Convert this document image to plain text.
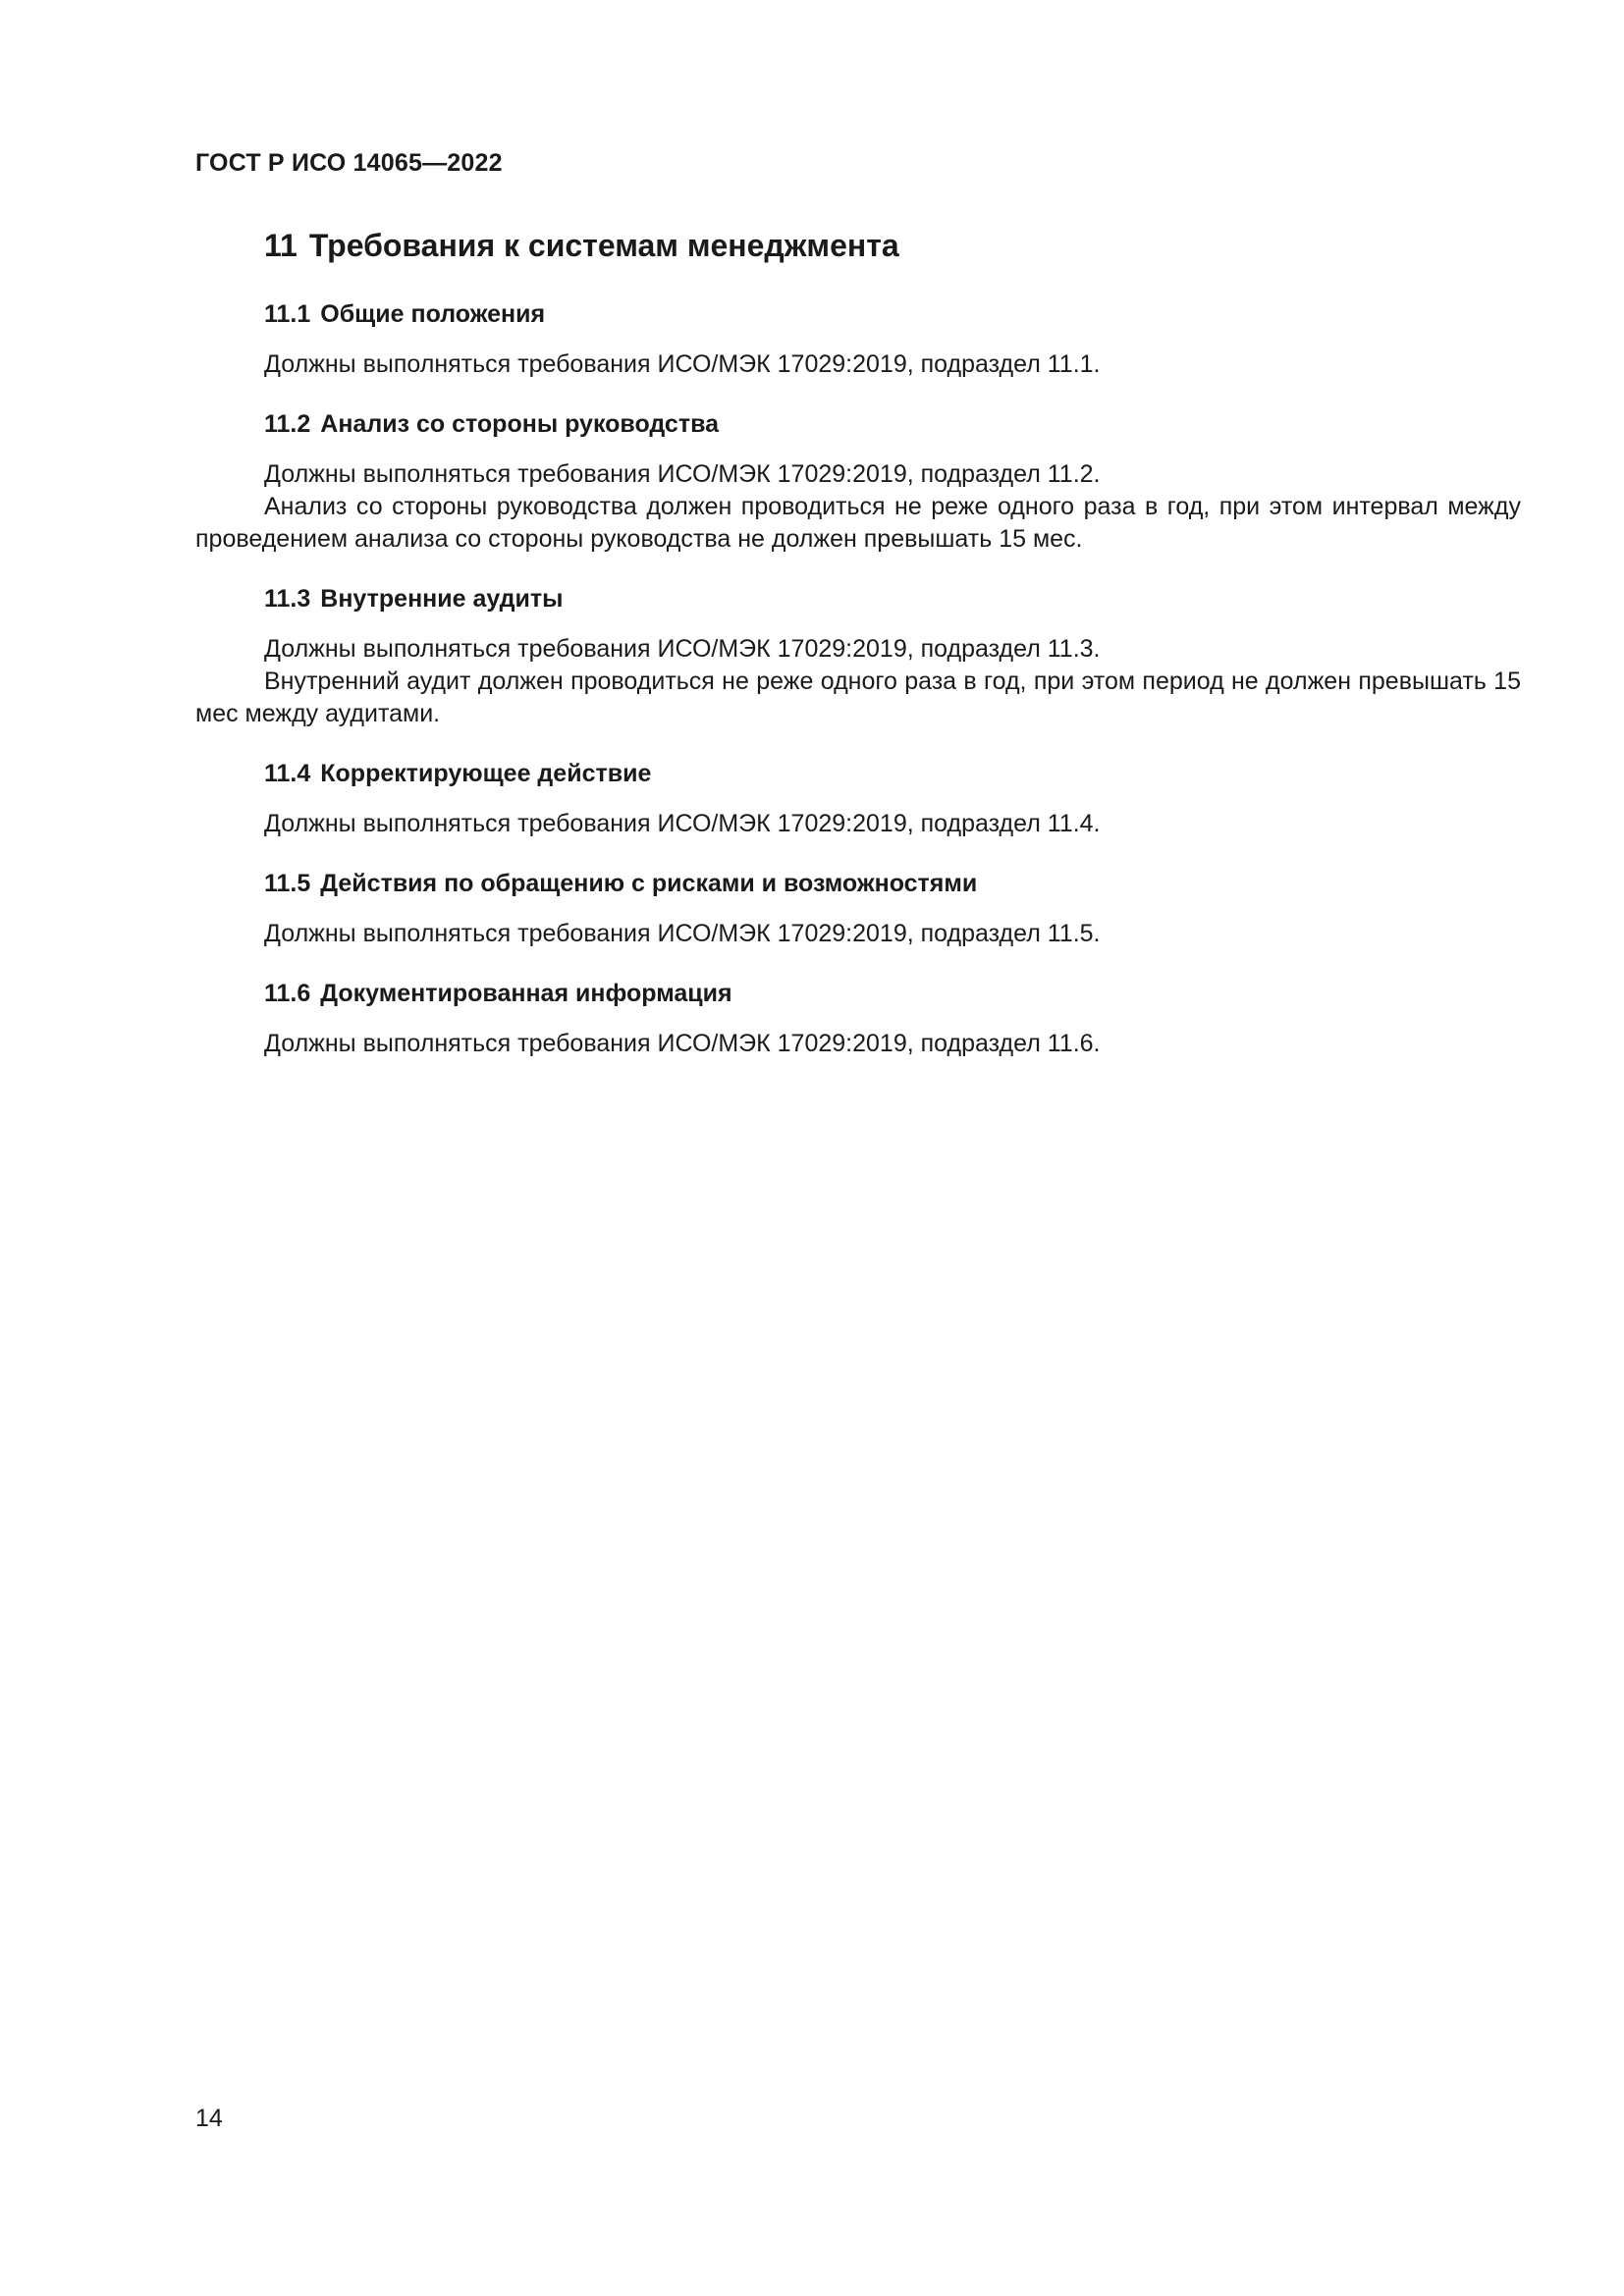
ГОСТ Р ИСО 14065—2022
11 Требования к системам менеджмента
11.1 Общие положения

Должны выполняться требования ИСО/МЭК 17029:2019, подраздел 11.1.

11.2 Анализ со стороны руководства

Должны выполняться требования ИСО/МЭК 17029:2019, подраздел 11.2.

Анализ со стороны руководства должен проводиться не реже одного раза в год, при этом интервал между проведением анализа со стороны руководства не должен превышать 15 мес.

11.3 Внутренние аудиты

Должны выполняться требования ИСО/МЭК 17029:2019, подраздел 11.3.

Внутренний аудит должен проводиться не реже одного раза в год, при этом период не должен превышать 15 мес между аудитами.

11.4 Корректирующее действие

Должны выполняться требования ИСО/МЭК 17029:2019, подраздел 11.4.

11.5 Действия по обращению с рисками и возможностями

Должны выполняться требования ИСО/МЭК 17029:2019, подраздел 11.5.

11.6 Документированная информация

Должны выполняться требования ИСО/МЭК 17029:2019, подраздел 11.6.

14
